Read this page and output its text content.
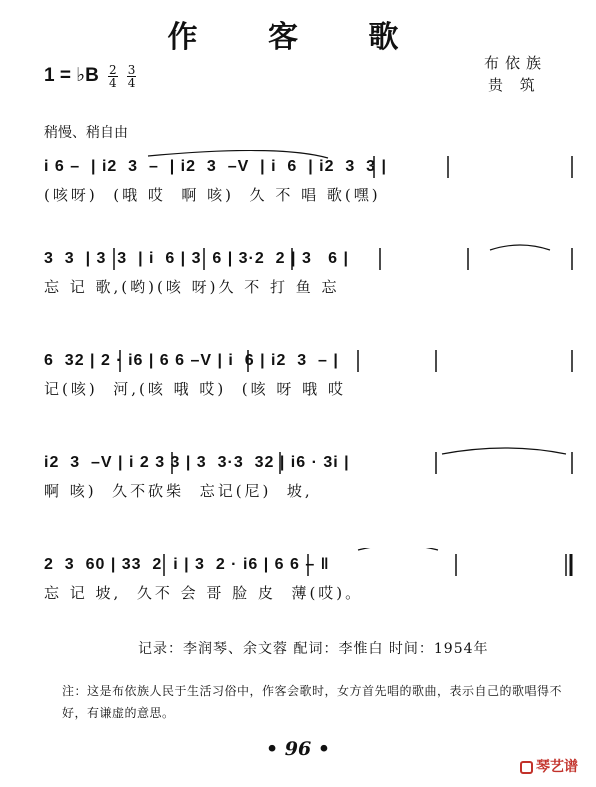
作 客 歌
布依族
贵 筑
1 = ♭B $\frac{2}{4}$
$\frac{3}{4}$
稍慢、稍自由
i 6 –  | i2  3  –  | i2  3  –V  | i  6  | i2  3  3 |
(咳呀)  (哦 哎  啊 咳)  久 不 唱 歌(嘿)
3  3  | 3  3  | i  6 | 3  6 | 3·2  2 | 3   6 |
忘 记 歌,(哟)(咳 呀)久 不 打 鱼 忘
6  32 | 2 · i6 | 6 6 –V | i  6 | i2  3  – |
记(咳)  河,(咳 哦 哎)  (咳 呀 哦 哎
i2  3  –V | i 2 3 3 | 3  3·3  32 | i6 · 3i |
啊 咳)  久不砍柴  忘记(尼)  坡,
2  3  60 | 33  2  i | 3  2 · i6 | 6 6 – ‖
忘 记 坡,  久不 会 哥 脸 皮  薄(哎)。
记录：李润琴、余文蓉 配词：李惟白 时间：1954年
注：这是布依族人民于生活习俗中，作客会歌时，女方首先唱的歌曲，表示自己的歌唱得不好，有谦虚的意思。
• 96 •
琴艺谱
